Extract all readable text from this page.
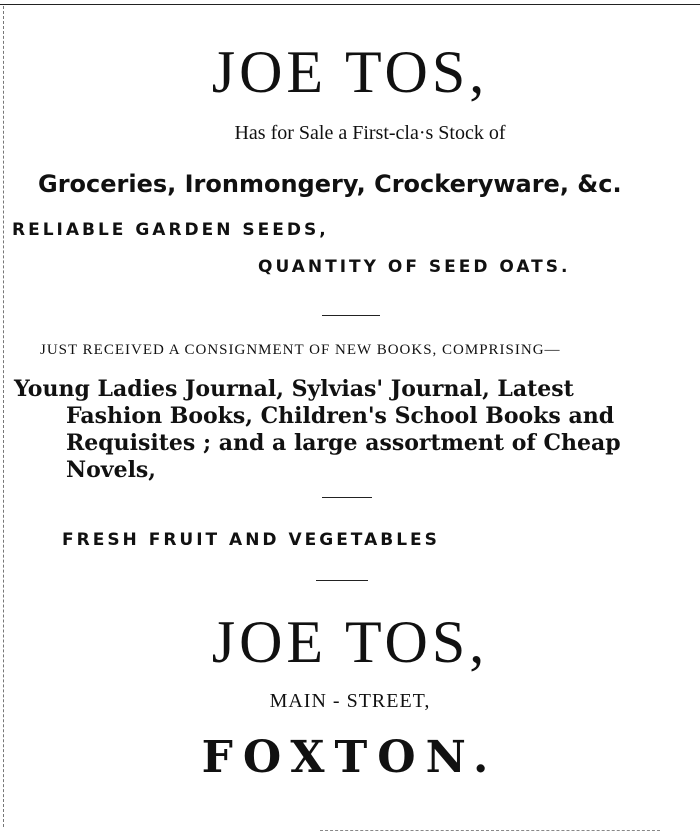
JOE TOS,
Has for Sale a First-cla·s Stock of
Groceries, Ironmongery, Crockeryware, &c.
RELIABLE GARDEN SEEDS,
QUANTITY OF SEED OATS.
JUST RECEIVED A CONSIGNMENT OF NEW BOOKS, COMPRISING—
Young Ladies Journal, Sylvias' Journal, Latest
Fashion Books, Children's School Books and
Requisites ; and a large assortment of Cheap
Novels,
FRESH FRUIT AND VEGETABLES
JOE TOS,
MAIN - STREET,
FOXTON.
